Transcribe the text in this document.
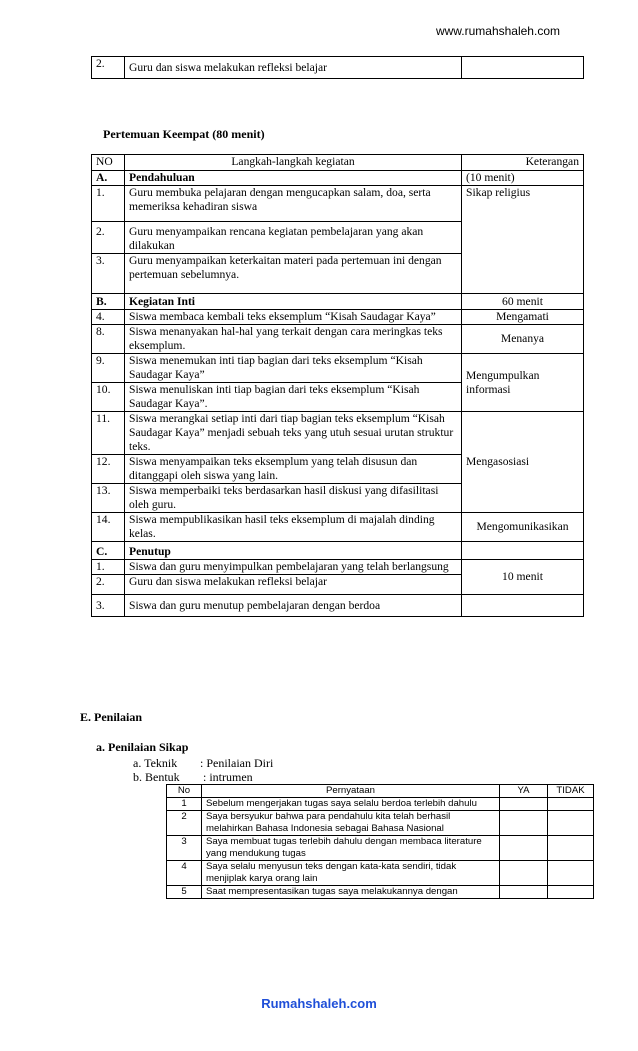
www.rumahshaleh.com
2.	Guru dan siswa melakukan refleksi belajar	
Pertemuan Keempat (80 menit)
NO	Langkah-langkah kegiatan	Keterangan
A.	Pendahuluan	(10 menit)
1.	Guru membuka pelajaran dengan mengucapkan salam, doa, serta memeriksa kehadiran siswa	Sikap religius
2.	Guru menyampaikan rencana kegiatan pembelajaran yang akan dilakukan	
3.	Guru menyampaikan keterkaitan materi pada pertemuan ini dengan pertemuan sebelumnya.	
B.	Kegiatan Inti	60 menit
4.	Siswa membaca kembali teks eksemplum “Kisah Saudagar Kaya”	Mengamati
8.	Siswa menanyakan hal-hal yang terkait dengan cara meringkas teks eksemplum.	Menanya
9.	Siswa menemukan inti tiap bagian dari teks eksemplum “Kisah Saudagar Kaya”	Mengumpulkan informasi
10.	Siswa menuliskan inti tiap bagian dari teks eksemplum “Kisah Saudagar Kaya”.	
11.	Siswa merangkai setiap inti dari tiap bagian teks eksemplum “Kisah Saudagar Kaya” menjadi sebuah teks yang utuh sesuai urutan struktur teks.	Mengasosiasi
12.	Siswa menyampaikan teks eksemplum yang telah disusun dan ditanggapi oleh siswa yang lain.	
13.	Siswa memperbaiki teks berdasarkan hasil diskusi yang difasilitasi oleh guru.	
14.	Siswa mempublikasikan hasil teks eksemplum di majalah dinding kelas.	Mengomunikasikan
C.	Penutup	
1.	Siswa dan guru menyimpulkan pembelajaran yang telah berlangsung	10 menit
2.	Guru dan siswa melakukan refleksi belajar	
3.	Siswa dan guru menutup pembelajaran dengan berdoa	
E. Penilaian
a. Penilaian Sikap
a. Teknik : Penilaian Diri
b. Bentuk : intrumen
No	Pernyataan	YA	TIDAK
1	Sebelum mengerjakan tugas saya selalu berdoa terlebih dahulu		
2	Saya bersyukur bahwa para pendahulu kita telah berhasil melahirkan Bahasa Indonesia sebagai Bahasa Nasional		
3	Saya membuat tugas terlebih dahulu dengan membaca literature yang mendukung tugas		
4	Saya selalu menyusun teks dengan kata-kata sendiri, tidak menjiplak karya orang lain		
5	Saat mempresentasikan tugas saya melakukannya dengan		
Rumahshaleh.com
